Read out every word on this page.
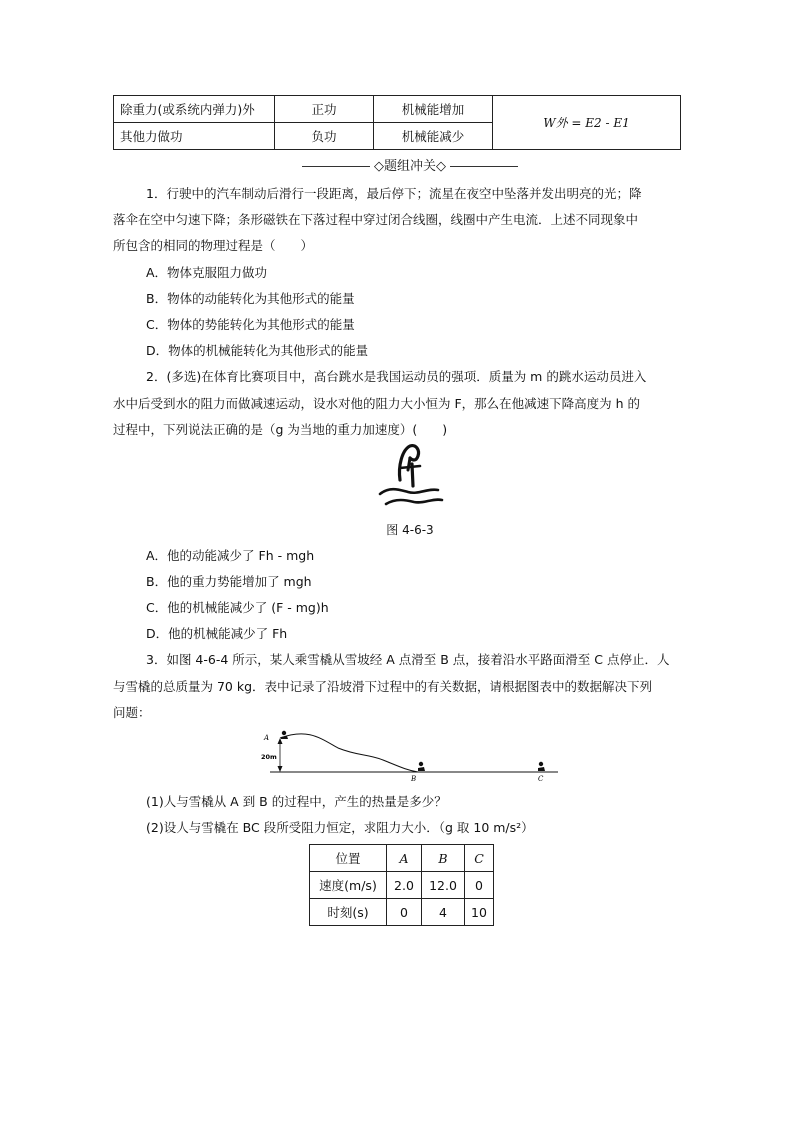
除重力(或系统内弹力)外	正功	机械能增加	W外 = E2 - E1
其他力做功	负功	机械能减少	
◇题组冲关◇
1．行驶中的汽车制动后滑行一段距离，最后停下；流星在夜空中坠落并发出明亮的光；降
落伞在空中匀速下降；条形磁铁在下落过程中穿过闭合线圈，线圈中产生电流．上述不同现象中
所包含的相同的物理过程是（　　）
A．物体克服阻力做功
B．物体的动能转化为其他形式的能量
C．物体的势能转化为其他形式的能量
D．物体的机械能转化为其他形式的能量
2．(多选)在体育比赛项目中，高台跳水是我国运动员的强项．质量为 m 的跳水运动员进入
水中后受到水的阻力而做减速运动，设水对他的阻力大小恒为 F，那么在他减速下降高度为 h 的
过程中，下列说法正确的是（g 为当地的重力加速度）(　　)
图 4-6-3
A．他的动能减少了 Fh - mgh
B．他的重力势能增加了 mgh
C．他的机械能减少了 (F - mg)h
D．他的机械能减少了 Fh
3．如图 4-6-4 所示，某人乘雪橇从雪坡经 A 点滑至 B 点，接着沿水平路面滑至 C 点停止．人
与雪橇的总质量为 70 kg．表中记录了沿坡滑下过程中的有关数据，请根据图表中的数据解决下列
问题：
A
20m
B	C
(1)人与雪橇从 A 到 B 的过程中，产生的热量是多少？
(2)设人与雪橇在 BC 段所受阻力恒定，求阻力大小．（g 取 10 m/s²）
位置	A	B	C
速度(m/s)	2.0	12.0	0
时刻(s)	0	4	10
